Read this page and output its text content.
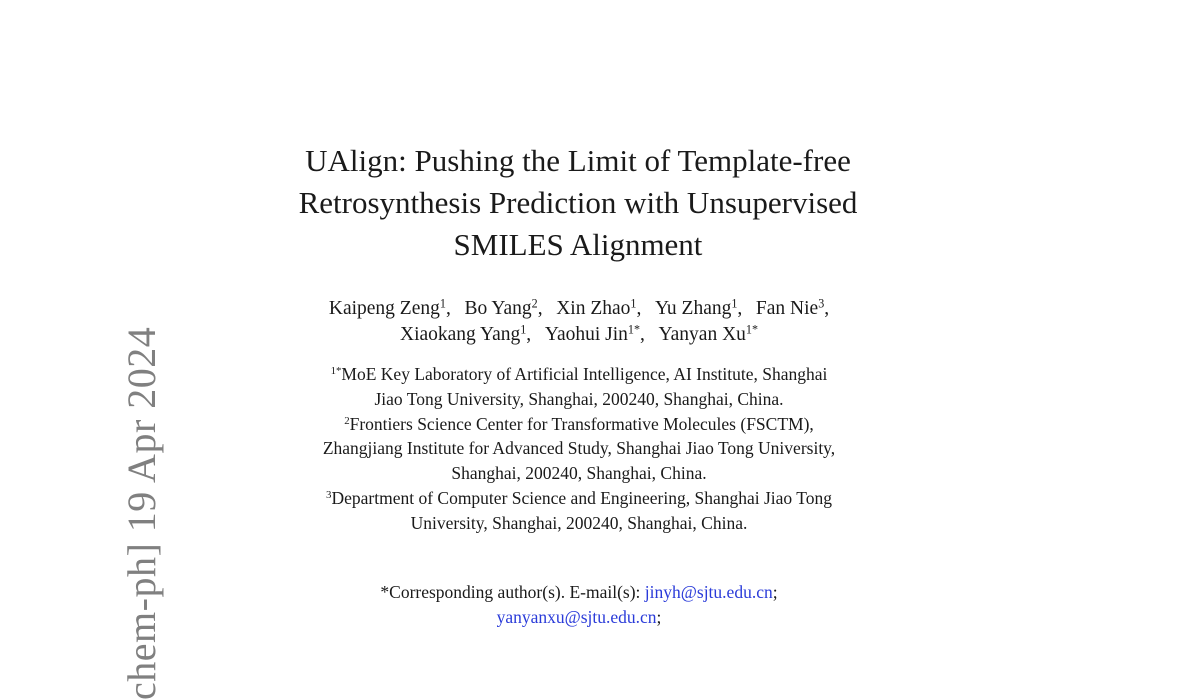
chem-ph] 19 Apr 2024
UAlign: Pushing the Limit of Template-free
Retrosynthesis Prediction with Unsupervised
SMILES Alignment
Kaipeng Zeng$^1$, Bo Yang$^2$, Xin Zhao$^1$, Yu Zhang$^1$, Fan Nie$^3$,
Xiaokang Yang$^1$, Yaohui Jin$^{1*}$, Yanyan $Xu^{1*}$
$^{1*}$MoE Key Laboratory of Artificial Intelligence, AI Institute, Shanghai
Jiao Tong University, Shanghai, 200240, Shanghai, China.
$^2$Frontiers Science Center for Transformative Molecules (FSCTM),
Zhangjiang Institute for Advanced Study, Shanghai Jiao Tong University,
Shanghai, 200240, Shanghai, China.
$^3$Department of Computer Science and Engineering, Shanghai Jiao Tong
University, Shanghai, 200240, Shanghai, China.
*Corresponding author(s). E-mail(s): jinyh@sjtu.edu.cn;
yanyanxu@sjtu.edu.cn;
